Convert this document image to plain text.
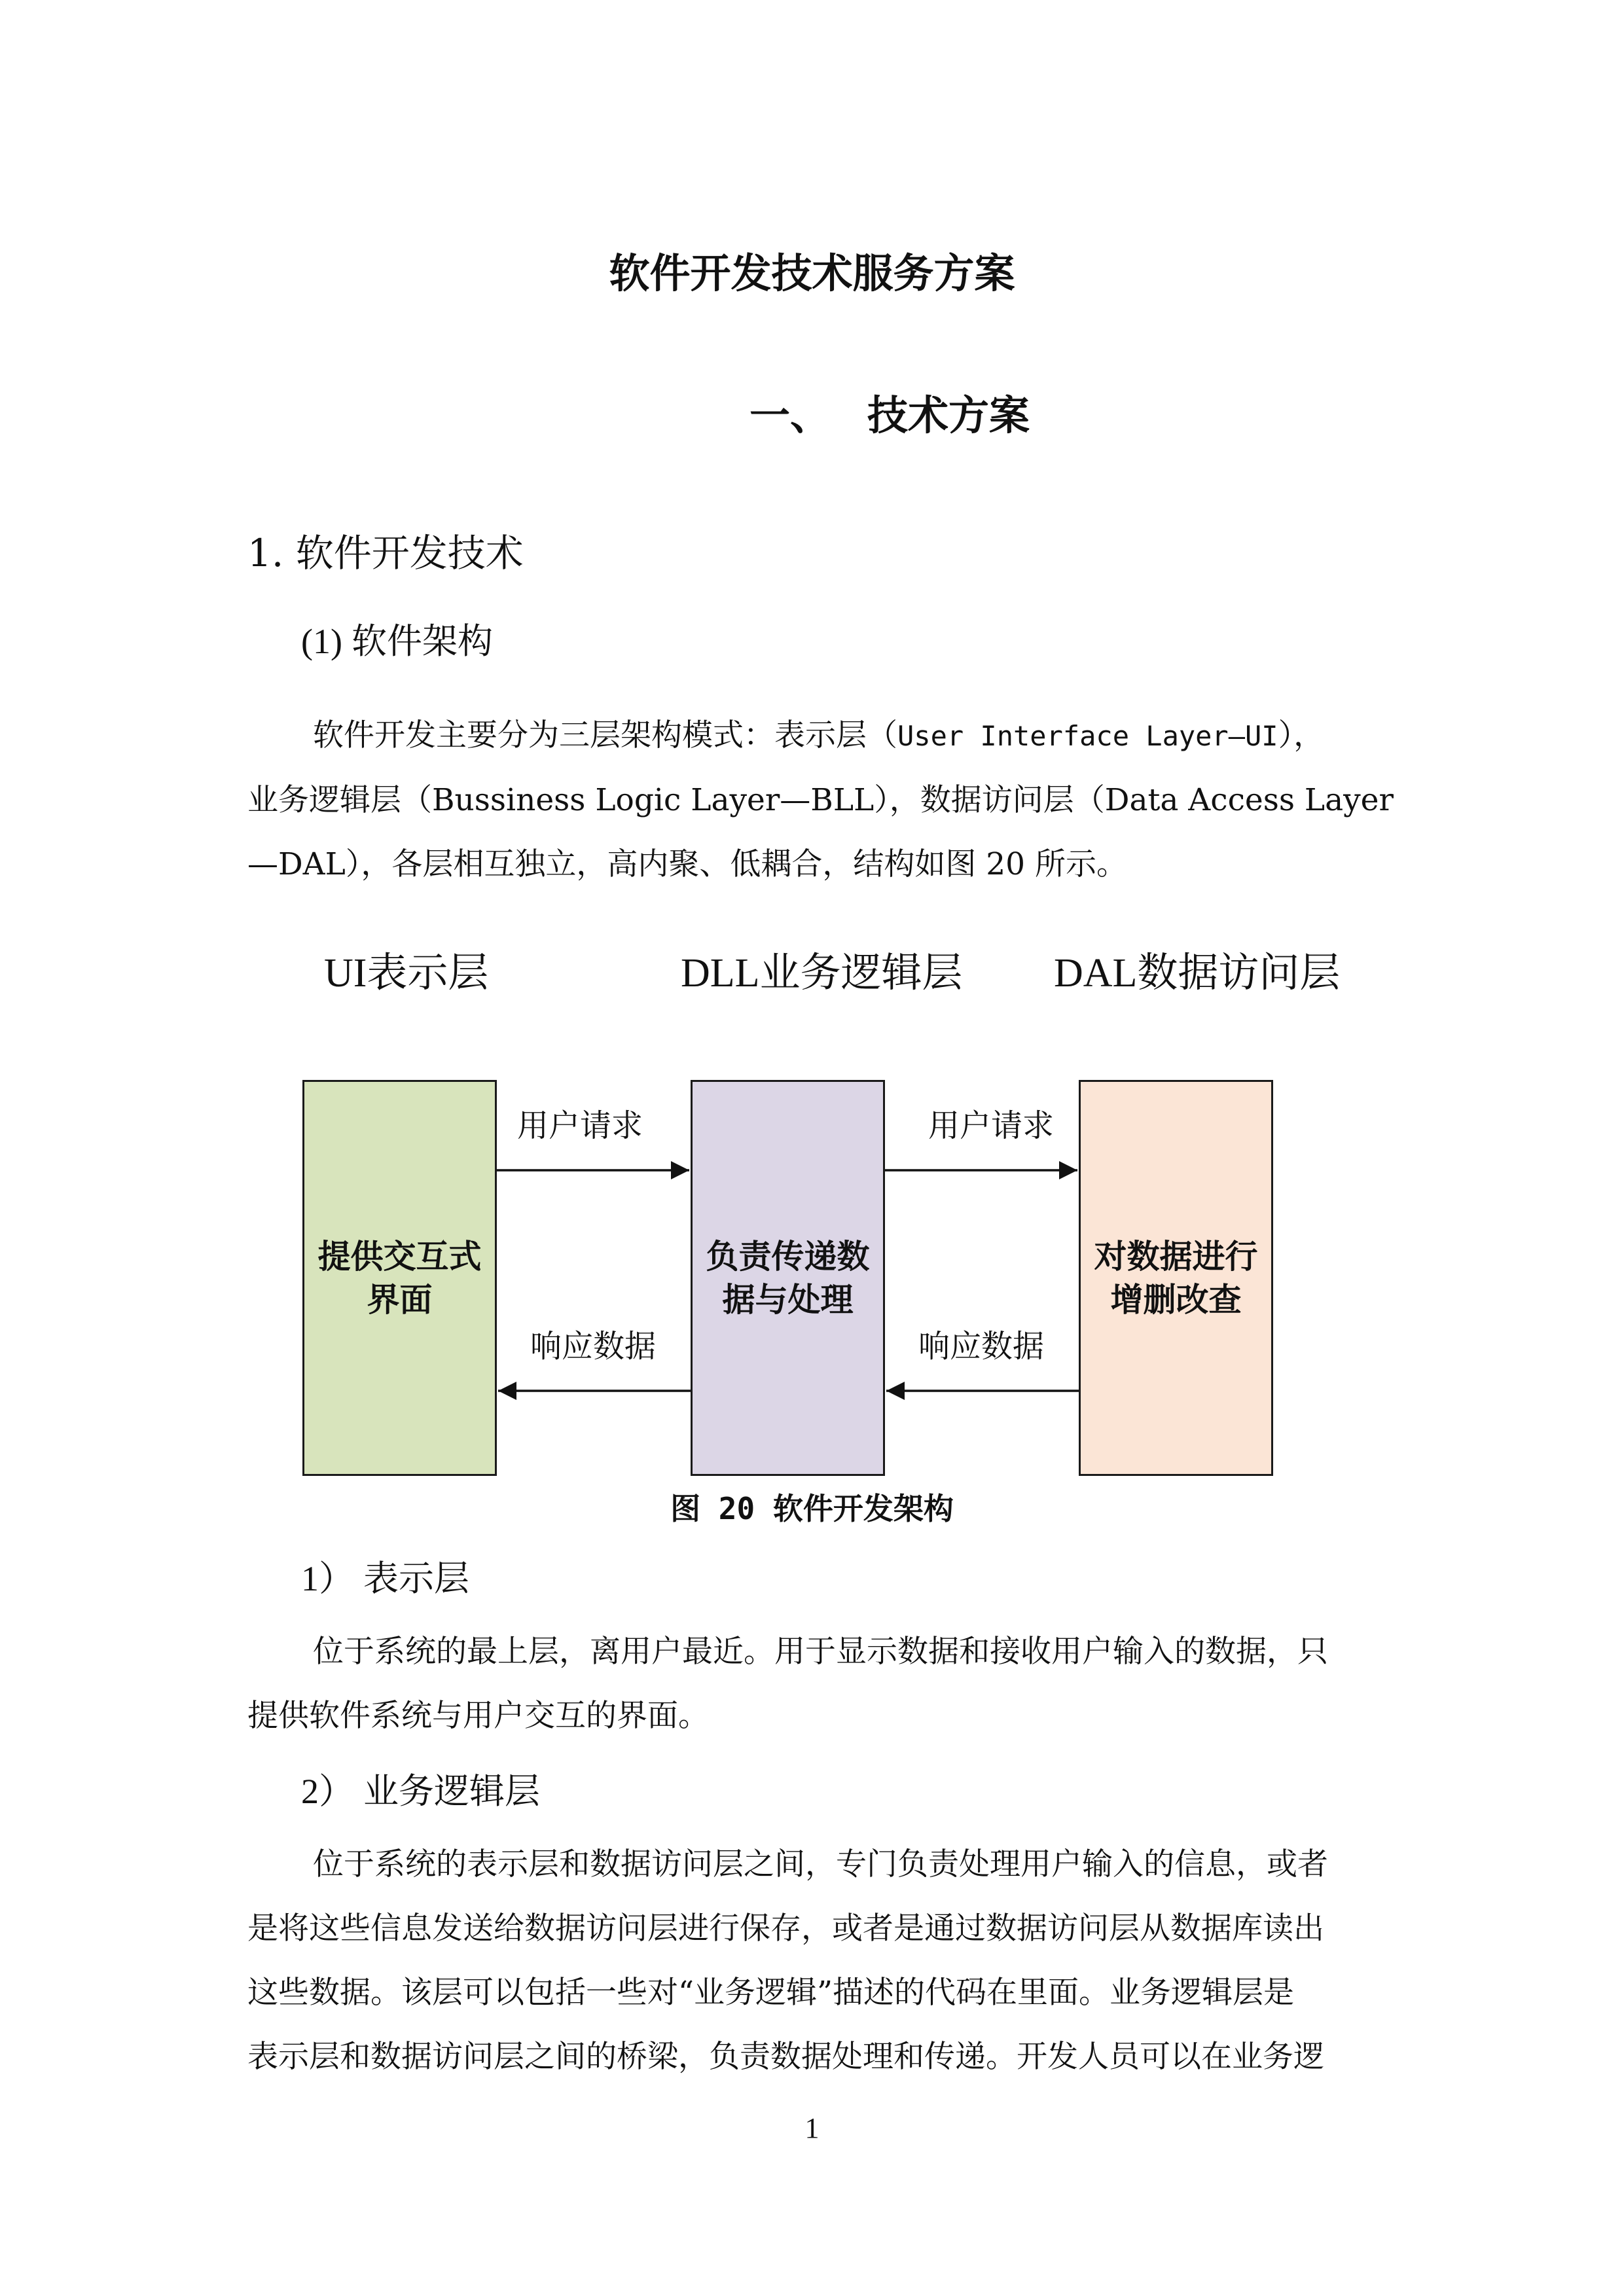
软件开发技术服务方案
一、 技术方案
1. 软件开发技术
(1) 软件架构

软件开发主要分为三层架构模式：表示层（User Interface Layer—UI），

业务逻辑层（Bussiness Logic Layer—BLL），数据访问层（Data Access Layer
—DAL），各层相互独立，高内聚、低耦合，结构如图 20 所示。
UI表示层	DLL业务逻辑层 DAL数据访问层
提供交互式
界面
负责传递数
据与处理
对数据进行
增删改查
用户请求	用户请求
响应数据	响应数据
图 20 软件开发架构
1） 表示层

位于系统的最上层，离用户最近。用于显示数据和接收用户输入的数据，只

提供软件系统与用户交互的界面。
2） 业务逻辑层

位于系统的表示层和数据访问层之间，专门负责处理用户输入的信息，或者

是将这些信息发送给数据访问层进行保存，或者是通过数据访问层从数据库读出
这些数据。该层可以包括一些对“业务逻辑”描述的代码在里面。业务逻辑层是
表示层和数据访问层之间的桥梁，负责数据处理和传递。开发人员可以在业务逻
1
